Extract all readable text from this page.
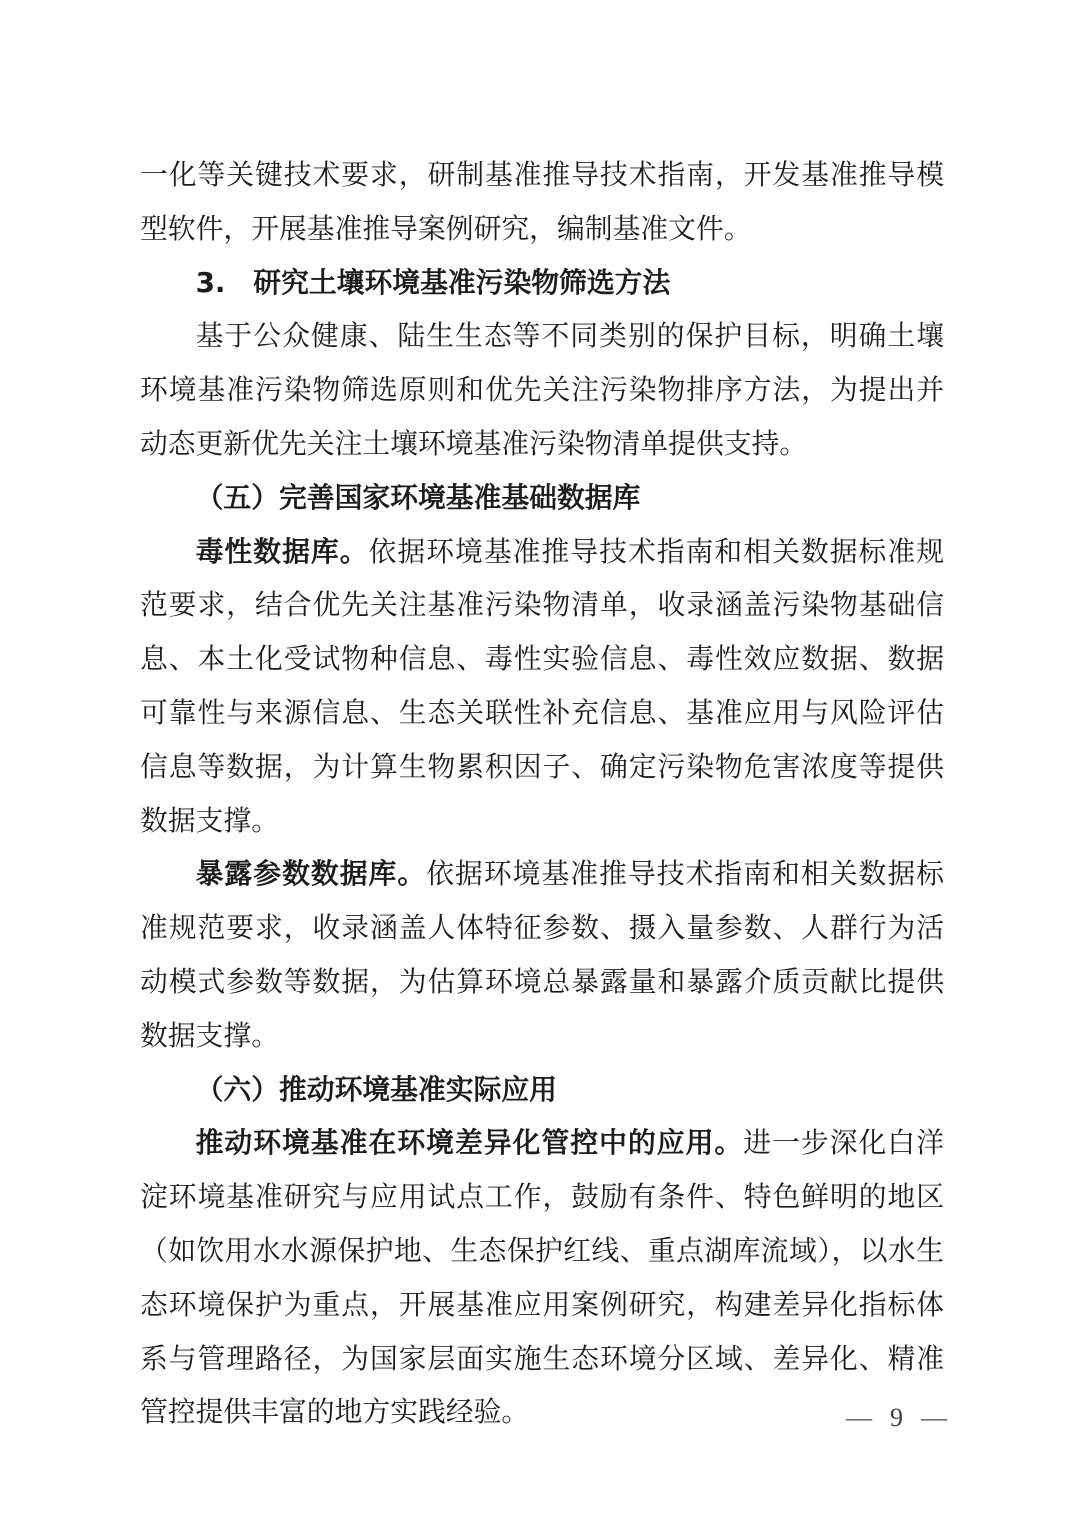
一化等关键技术要求，研制基准推导技术指南，开发基准推导模型软件，开展基准推导案例研究，编制基准文件。

3.　研究土壤环境基准污染物筛选方法

基于公众健康、陆生生态等不同类别的保护目标，明确土壤环境基准污染物筛选原则和优先关注污染物排序方法，为提出并动态更新优先关注土壤环境基准污染物清单提供支持。

（五）完善国家环境基准基础数据库

毒性数据库。依据环境基准推导技术指南和相关数据标准规范要求，结合优先关注基准污染物清单，收录涵盖污染物基础信息、本土化受试物种信息、毒性实验信息、毒性效应数据、数据可靠性与来源信息、生态关联性补充信息、基准应用与风险评估信息等数据，为计算生物累积因子、确定污染物危害浓度等提供数据支撑。

暴露参数数据库。依据环境基准推导技术指南和相关数据标准规范要求，收录涵盖人体特征参数、摄入量参数、人群行为活动模式参数等数据，为估算环境总暴露量和暴露介质贡献比提供数据支撑。

（六）推动环境基准实际应用

推动环境基准在环境差异化管控中的应用。进一步深化白洋淀环境基准研究与应用试点工作，鼓励有条件、特色鲜明的地区（如饮用水水源保护地、生态保护红线、重点湖库流域），以水生态环境保护为重点，开展基准应用案例研究，构建差异化指标体系与管理路径，为国家层面实施生态环境分区域、差异化、精准管控提供丰富的地方实践经验。	— 9 —
